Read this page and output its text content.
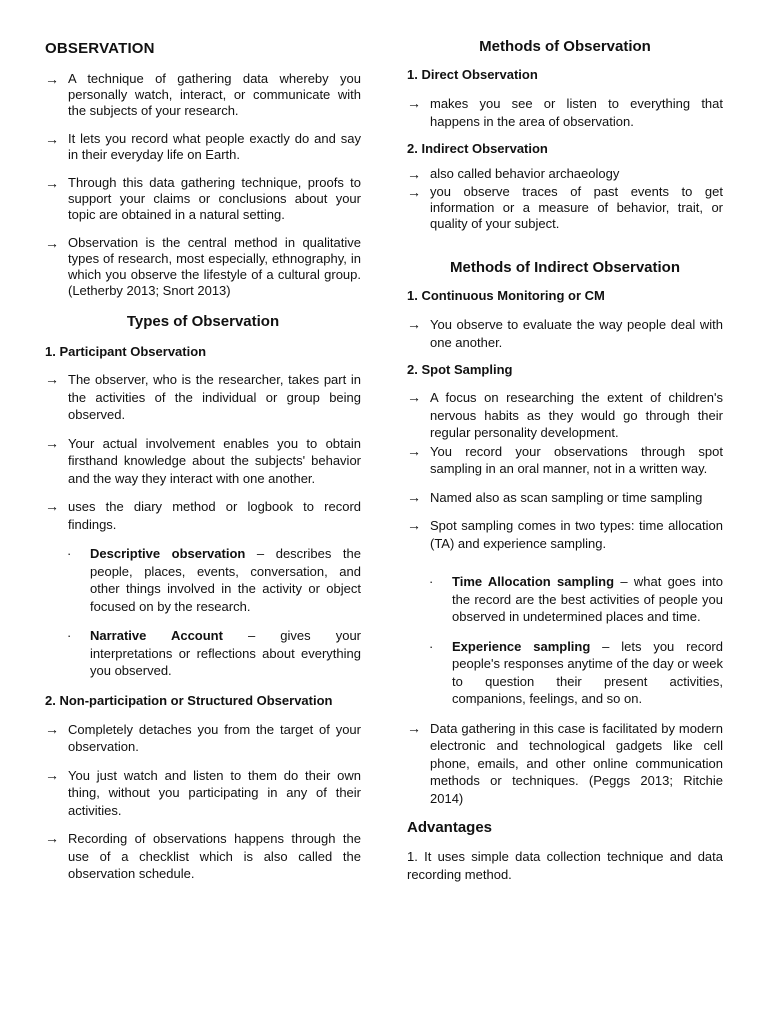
OBSERVATION
→ A technique of gathering data whereby you personally watch, interact, or communicate with the subjects of your research.
→ It lets you record what people exactly do and say in their everyday life on Earth.
→ Through this data gathering technique, proofs to support your claims or conclusions about your topic are obtained in a natural setting.
→ Observation is the central method in qualitative types of research, most especially, ethnography, in which you observe the lifestyle of a cultural group. (Letherby 2013; Snort 2013)
Types of Observation
1. Participant Observation
→ The observer, who is the researcher, takes part in the activities of the individual or group being observed.
→ Your actual involvement enables you to obtain firsthand knowledge about the subjects' behavior and the way they interact with one another.
→ uses the diary method or logbook to record findings.
· Descriptive observation – describes the people, places, events, conversation, and other things involved in the activity or object focused on by the research.
· Narrative Account – gives your interpretations or reflections about everything you observed.
2. Non-participation or Structured Observation
→ Completely detaches you from the target of your observation.
→ You just watch and listen to them do their own thing, without you participating in any of their activities.
→ Recording of observations happens through the use of a checklist which is also called the observation schedule.
Methods of Observation
1. Direct Observation
→ makes you see or listen to everything that happens in the area of observation.
2. Indirect Observation
→ also called behavior archaeology
→ you observe traces of past events to get information or a measure of behavior, trait, or quality of your subject.
Methods of Indirect Observation
1. Continuous Monitoring or CM
→ You observe to evaluate the way people deal with one another.
2. Spot Sampling
→ A focus on researching the extent of children's nervous habits as they would go through their regular personality development.
→ You record your observations through spot sampling in an oral manner, not in a written way.
→ Named also as scan sampling or time sampling
→ Spot sampling comes in two types: time allocation (TA) and experience sampling.
· Time Allocation sampling – what goes into the record are the best activities of people you observed in undetermined places and time.
· Experience sampling – lets you record people's responses anytime of the day or week to question their present activities, companions, feelings, and so on.
→ Data gathering in this case is facilitated by modern electronic and technological gadgets like cell phone, emails, and other online communication methods or techniques. (Peggs 2013; Ritchie 2014)
Advantages
1. It uses simple data collection technique and data recording method.
